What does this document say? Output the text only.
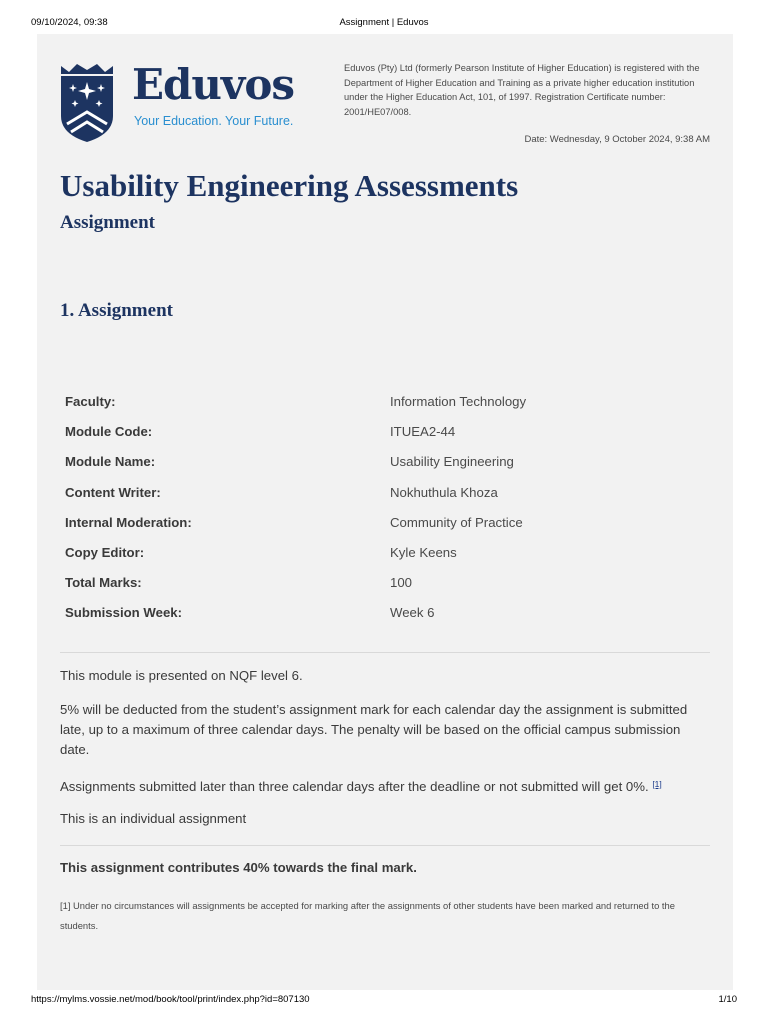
09/10/2024, 09:38	Assignment | Eduvos
Eduvos
Your Education. Your Future.
Eduvos (Pty) Ltd (formerly Pearson Institute of Higher Education) is registered with the Department of Higher Education and Training as a private higher education institution under the Higher Education Act, 101, of 1997. Registration Certificate number: 2001/HE07/008.
Date: Wednesday, 9 October 2024, 9:38 AM
Usability Engineering Assessments
Assignment
1. Assignment
Faculty:	Information Technology
Module Code:	ITUEA2-44
Module Name:	Usability Engineering
Content Writer:	Nokhuthula Khoza
Internal Moderation:	Community of Practice
Copy Editor:	Kyle Keens
Total Marks:	100
Submission Week:	Week 6

This module is presented on NQF level 6.

5% will be deducted from the student’s assignment mark for each calendar day the assignment is submitted late, up to a maximum of three calendar days. The penalty will be based on the official campus submission date.

Assignments submitted later than three calendar days after the deadline or not submitted will get 0%. [1]

This is an individual assignment

This assignment contributes 40% towards the final mark.

[1] Under no circumstances will assignments be accepted for marking after the assignments of other students have been marked and returned to the students.

https://mylms.vossie.net/mod/book/tool/print/index.php?id=807130	1/10
